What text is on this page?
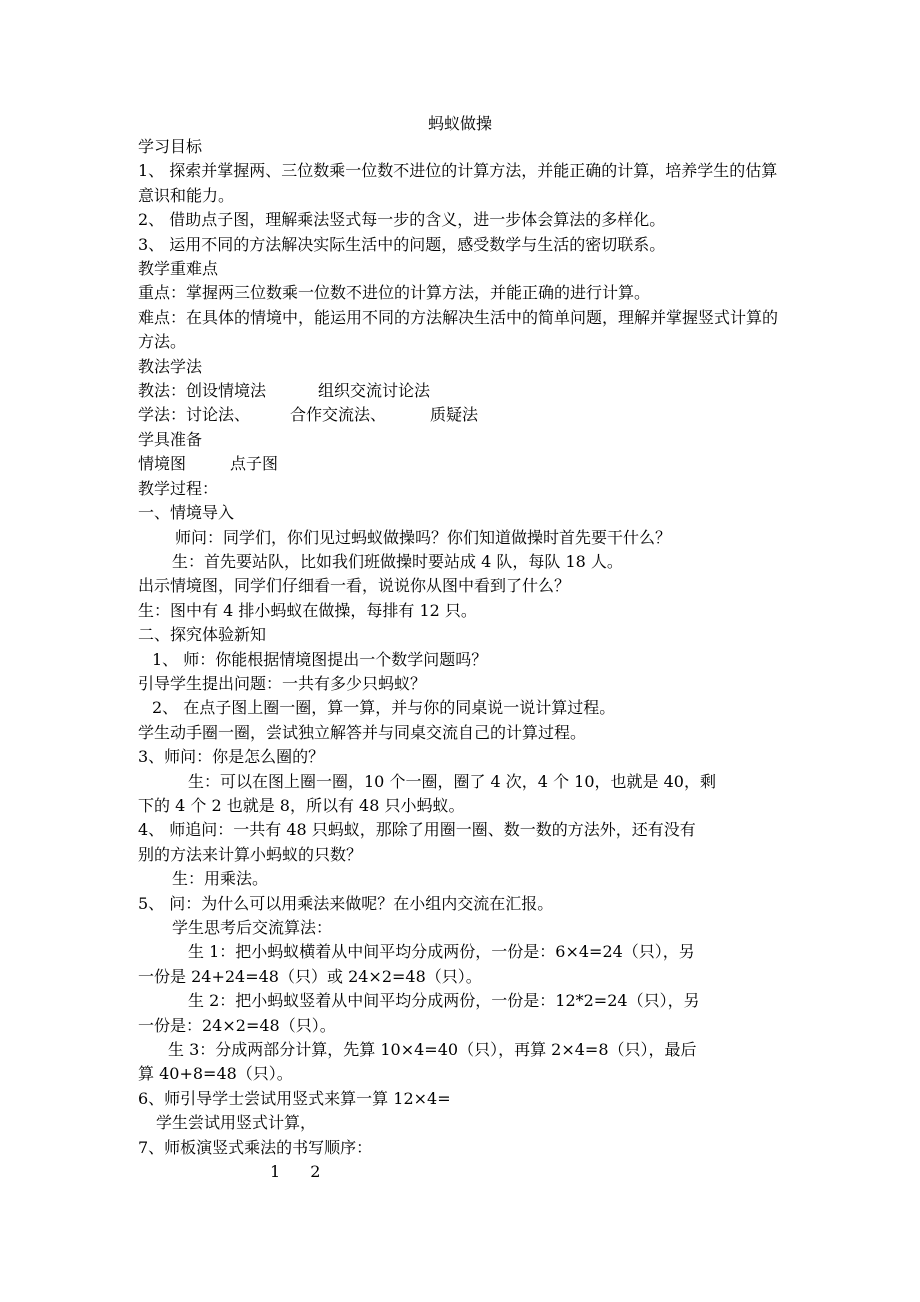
蚂蚁做操

学习目标

1、 探索并掌握两、三位数乘一位数不进位的计算方法，并能正确的计算，培养学生的估算意识和能力。

2、 借助点子图，理解乘法竖式每一步的含义，进一步体会算法的多样化。

3、 运用不同的方法解决实际生活中的问题，感受数学与生活的密切联系。

教学重难点

重点：掌握两三位数乘一位数不进位的计算方法，并能正确的进行计算。

难点：在具体的情境中，能运用不同的方法解决生活中的简单问题，理解并掌握竖式计算的方法。

教法学法

教法：创设情境法	组织交流讨论法

学法：讨论法、	合作交流法、	质疑法

学具准备

情境图	点子图

教学过程：

一、情境导入

师问：同学们，你们见过蚂蚁做操吗？你们知道做操时首先要干什么？

生：首先要站队，比如我们班做操时要站成 4 队，每队 18 人。

出示情境图，同学们仔细看一看，说说你从图中看到了什么？

生：图中有 4 排小蚂蚁在做操，每排有 12 只。

二、探究体验新知

1、 师：你能根据情境图提出一个数学问题吗？

引导学生提出问题：一共有多少只蚂蚁？

2、 在点子图上圈一圈，算一算，并与你的同桌说一说计算过程。

学生动手圈一圈，尝试独立解答并与同桌交流自己的计算过程。

3、师问：你是怎么圈的？

生：可以在图上圈一圈，10 个一圈，圈了 4 次，4 个 10，也就是 40，剩

下的 4 个 2 也就是 8，所以有 48 只小蚂蚁。

4、 师追问：一共有 48 只蚂蚁，那除了用圈一圈、数一数的方法外，还有没有

别的方法来计算小蚂蚁的只数？

生：用乘法。

5、 问：为什么可以用乘法来做呢？在小组内交流在汇报。

学生思考后交流算法：

生 1：把小蚂蚁横着从中间平均分成两份，一份是：6×4=24（只），另

一份是 24+24=48（只）或 24×2=48（只）。

生 2：把小蚂蚁竖着从中间平均分成两份，一份是：12*2=24（只），另

一份是：24×2=48（只）。

生 3：分成两部分计算，先算 10×4=40（只），再算 2×4=8（只），最后

算 40+8=48（只）。

6、师引导学士尝试用竖式来算一算 12×4=

学生尝试用竖式计算，

7、师板演竖式乘法的书写顺序：

1 2
